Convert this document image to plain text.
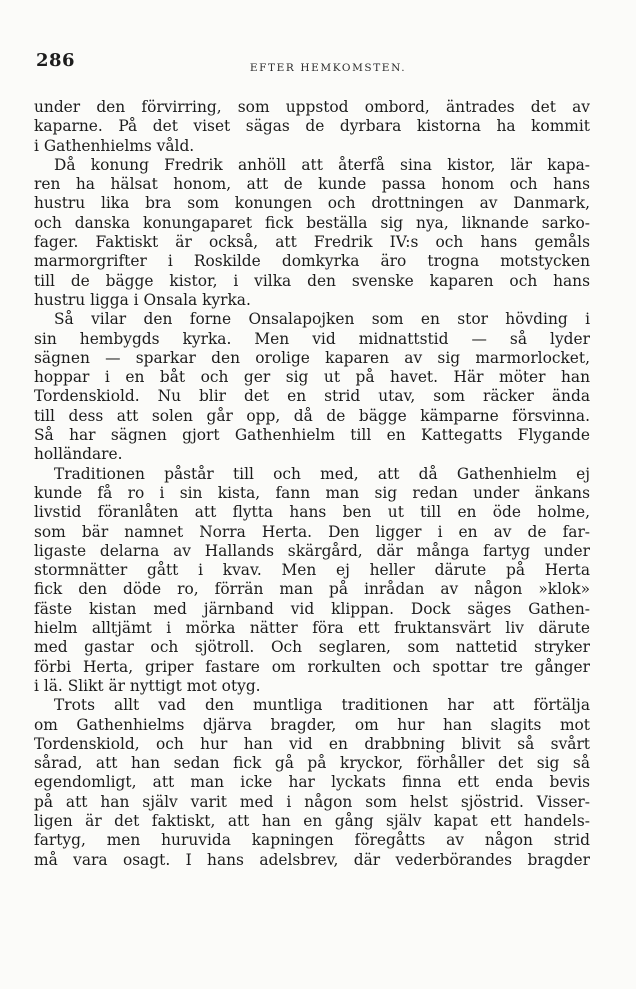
286	EFTER HEMKOMSTEN.
under den förvirring, som uppstod ombord, äntrades det av
kaparne. På det viset sägas de dyrbara kistorna ha kommit
i Gathenhielms våld.
Då konung Fredrik anhöll att återfå sina kistor, lär kapa-
ren ha hälsat honom, att de kunde passa honom och hans
hustru lika bra som konungen och drottningen av Danmark,
och danska konungaparet fick beställa sig nya, liknande sarko-
fager. Faktiskt är också, att Fredrik IV:s och hans gemåls
marmorgrifter i Roskilde domkyrka äro trogna motstycken
till de bägge kistor, i vilka den svenske kaparen och hans
hustru ligga i Onsala kyrka.
Så vilar den forne Onsalapojken som en stor hövding i
sin hembygds kyrka. Men vid midnattstid — så lyder
sägnen — sparkar den orolige kaparen av sig marmorlocket,
hoppar i en båt och ger sig ut på havet. Här möter han
Tordenskiold. Nu blir det en strid utav, som räcker ända
till dess att solen går opp, då de bägge kämparne försvinna.
Så har sägnen gjort Gathenhielm till en Kattegatts Flygande
holländare.
Traditionen påstår till och med, att då Gathenhielm ej
kunde få ro i sin kista, fann man sig redan under änkans
livstid föranlåten att flytta hans ben ut till en öde holme,
som bär namnet Norra Herta. Den ligger i en av de far-
ligaste delarna av Hallands skärgård, där många fartyg under
stormnätter gått i kvav. Men ej heller därute på Herta
fick den döde ro, förrän man på inrådan av någon »klok»
fäste kistan med järnband vid klippan. Dock säges Gathen-
hielm alltjämt i mörka nätter föra ett fruktansvärt liv därute
med gastar och sjötroll. Och seglaren, som nattetid stryker
förbi Herta, griper fastare om rorkulten och spottar tre gånger
i lä. Slikt är nyttigt mot otyg.
Trots allt vad den muntliga traditionen har att förtälja
om Gathenhielms djärva bragder, om hur han slagits mot
Tordenskiold, och hur han vid en drabbning blivit så svårt
sårad, att han sedan fick gå på kryckor, förhåller det sig så
egendomligt, att man icke har lyckats finna ett enda bevis
på att han själv varit med i någon som helst sjöstrid. Visser-
ligen är det faktiskt, att han en gång själv kapat ett handels-
fartyg, men huruvida kapningen föregåtts av någon strid
må vara osagt. I hans adelsbrev, där vederbörandes bragder
